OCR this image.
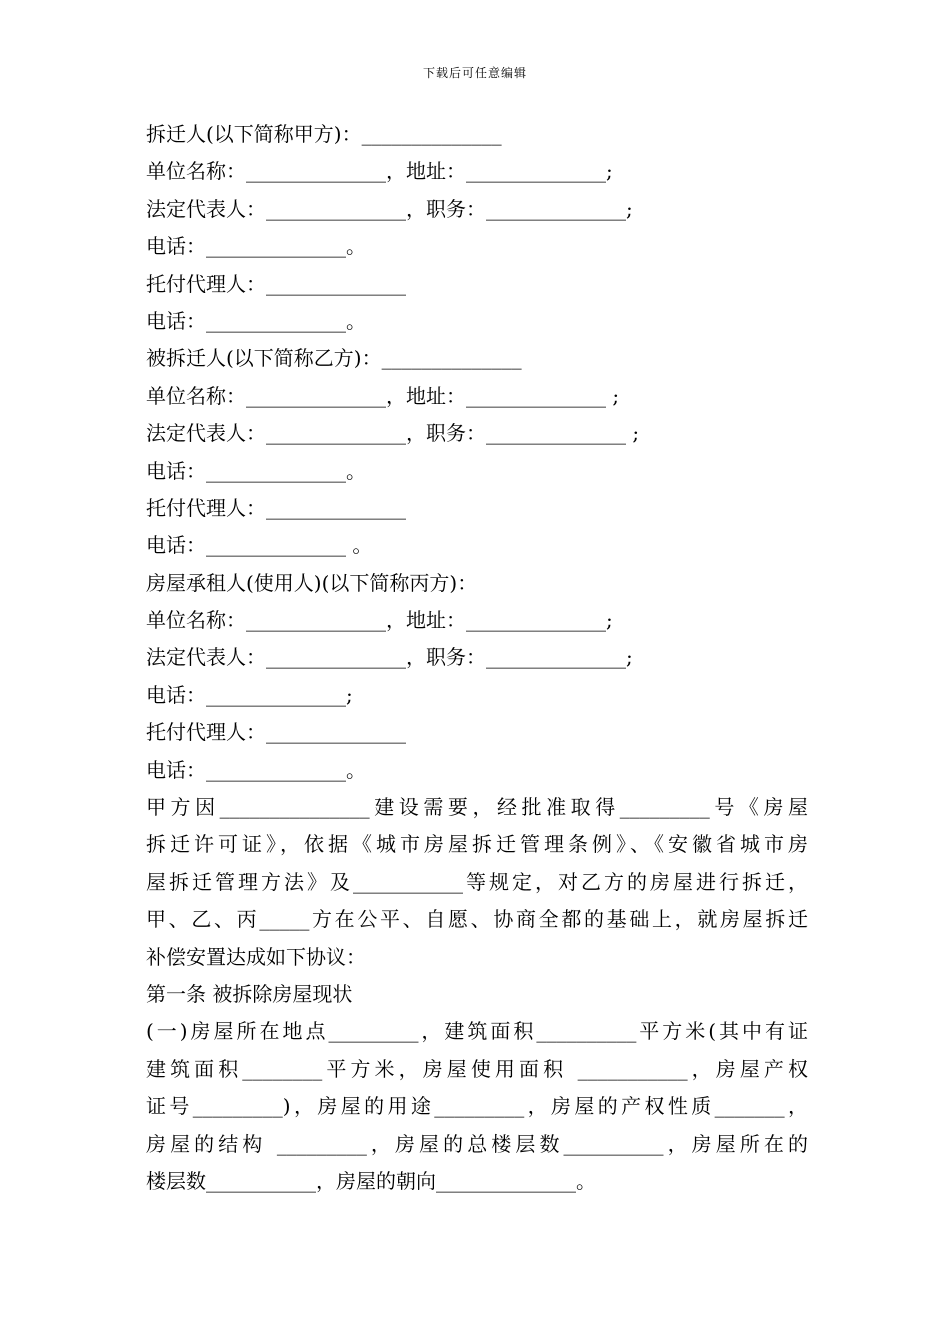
下载后可任意编辑
拆迁人(以下简称甲方)：______________
单位名称：______________，地址：______________;
法定代表人：______________，职务：______________;
电话：______________。
托付代理人：______________
电话：______________。
被拆迁人(以下简称乙方)：______________
单位名称：______________，地址：______________ ;
法定代表人：______________，职务：______________ ;
电话：______________。
托付代理人：______________
电话：______________ 。
房屋承租人(使用人)(以下简称丙方)：
单位名称：______________，地址：______________;
法定代表人：______________，职务：______________;
电话：______________;
托付代理人：______________
电话：______________。
甲方因_______________建设需要，经批准取得_________号《房屋
拆迁许可证》，依据《城市房屋拆迁管理条例》、《安徽省城市房
屋拆迁管理方法》及___________等规定，对乙方的房屋进行拆迁，
甲、乙、丙_____方在公平、自愿、协商全都的基础上，就房屋拆迁
补偿安置达成如下协议：
第一条 被拆除房屋现状
(一)房屋所在地点_________，建筑面积__________平方米(其中有证
建筑面积________平方米，房屋使用面积 ___________，房屋产权
证号_________)，房屋的用途_________，房屋的产权性质_______，
房屋的结构 _________，房屋的总楼层数__________，房屋所在的
楼层数___________，房屋的朝向______________。
